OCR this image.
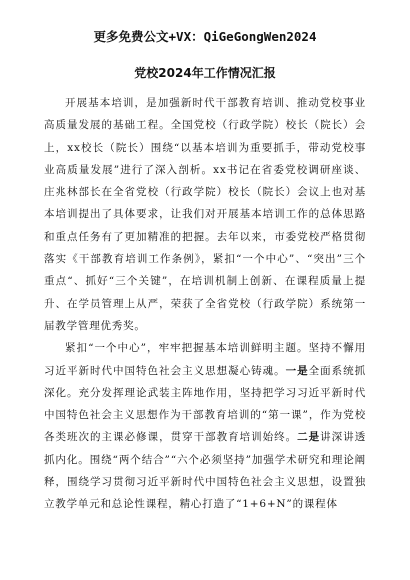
更多免费公文+VX：QiGeGongWen2024
党校2024年工作情况汇报

开展基本培训，是加强新时代干部教育培训、推动党校事业高质量发展的基础工程。全国党校（行政学院）校长（院长）会上，xx校长（院长）围绕“以基本培训为重要抓手，带动党校事业高质量发展”进行了深入剖析。xx书记在省委党校调研座谈、庄兆林部长在全省党校（行政学院）校长（院长）会议上也对基本培训提出了具体要求，让我们对开展基本培训工作的总体思路和重点任务有了更加精准的把握。去年以来，市委党校严格贯彻落实《干部教育培训工作条例》，紧扣“一个中心”、“突出”三个重点“、抓好“三个关键”，在培训机制上创新、在课程质量上提升、在学员管理上从严，荣获了全省党校（行政学院）系统第一届教学管理优秀奖。

紧扣“一个中心”，牢牢把握基本培训鲜明主题。坚持不懈用习近平新时代中国特色社会主义思想凝心铸魂。一是全面系统抓深化。充分发挥理论武装主阵地作用，坚持把学习习近平新时代中国特色社会主义思想作为干部教育培训的“第一课”，作为党校各类班次的主课必修课，贯穿干部教育培训始终。二是讲深讲透抓内化。围绕“两个结合”“六个必须坚持”加强学术研究和理论阐释，围绕学习贯彻习近平新时代中国特色社会主义思想，设置独立教学单元和总论性课程，精心打造了“1+6+N”的课程体
